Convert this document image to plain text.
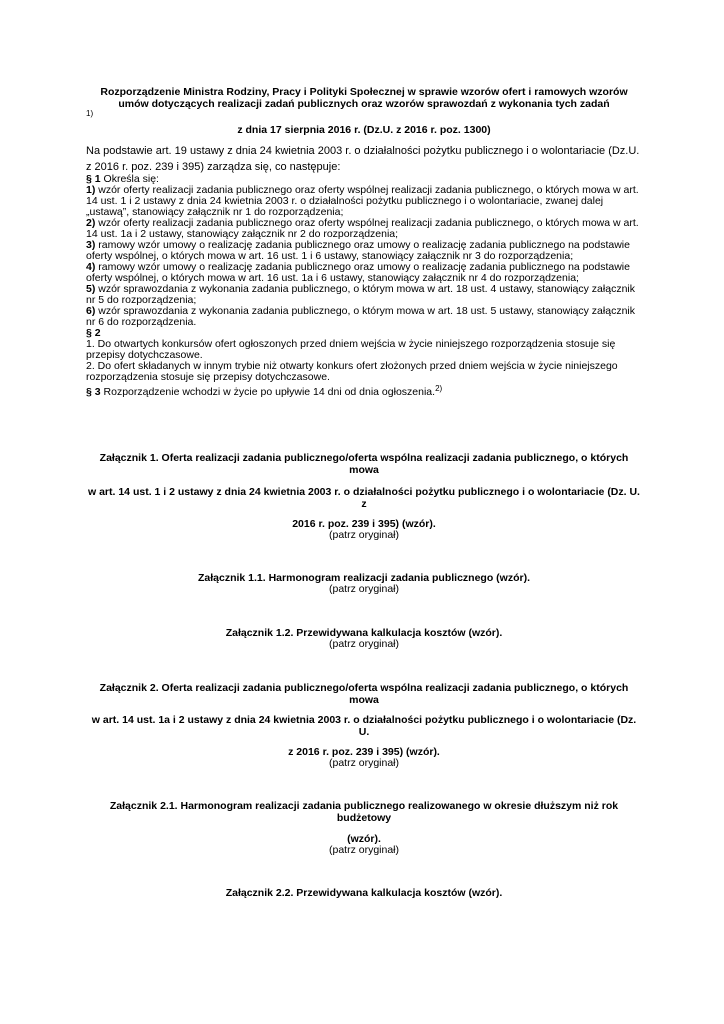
Rozporządzenie Ministra Rodziny, Pracy i Polityki Społecznej w sprawie wzorów ofert i ramowych wzorów umów dotyczących realizacji zadań publicznych oraz wzorów sprawozdań z wykonania tych zadań
1)
z dnia 17 sierpnia 2016 r. (Dz.U. z 2016 r. poz. 1300)
Na podstawie art. 19 ustawy z dnia 24 kwietnia 2003 r. o działalności pożytku publicznego i o wolontariacie (Dz.U. z 2016 r. poz. 239 i 395) zarządza się, co następuje:

§ 1 Określa się:

1) wzór oferty realizacji zadania publicznego oraz oferty wspólnej realizacji zadania publicznego, o których mowa w art. 14 ust. 1 i 2 ustawy z dnia 24 kwietnia 2003 r. o działalności pożytku publicznego i o wolontariacie, zwanej dalej „ustawą”, stanowiący załącznik nr 1 do rozporządzenia;

2) wzór oferty realizacji zadania publicznego oraz oferty wspólnej realizacji zadania publicznego, o których mowa w art. 14 ust. 1a i 2 ustawy, stanowiący załącznik nr 2 do rozporządzenia;

3) ramowy wzór umowy o realizację zadania publicznego oraz umowy o realizację zadania publicznego na podstawie oferty wspólnej, o których mowa w art. 16 ust. 1 i 6 ustawy, stanowiący załącznik nr 3 do rozporządzenia;

4) ramowy wzór umowy o realizację zadania publicznego oraz umowy o realizację zadania publicznego na podstawie oferty wspólnej, o których mowa w art. 16 ust. 1a i 6 ustawy, stanowiący załącznik nr 4 do rozporządzenia;

5) wzór sprawozdania z wykonania zadania publicznego, o którym mowa w art. 18 ust. 4 ustawy, stanowiący załącznik nr 5 do rozporządzenia;

6) wzór sprawozdania z wykonania zadania publicznego, o którym mowa w art. 18 ust. 5 ustawy, stanowiący załącznik nr 6 do rozporządzenia.

§ 2

1. Do otwartych konkursów ofert ogłoszonych przed dniem wejścia w życie niniejszego rozporządzenia stosuje się przepisy dotychczasowe.

2. Do ofert składanych w innym trybie niż otwarty konkurs ofert złożonych przed dniem wejścia w życie niniejszego rozporządzenia stosuje się przepisy dotychczasowe.

§ 3 Rozporządzenie wchodzi w życie po upływie 14 dni od dnia ogłoszenia.$^{2)}$

Załącznik 1. Oferta realizacji zadania publicznego/oferta wspólna realizacji zadania publicznego, o których mowa
w art. 14 ust. 1 i 2 ustawy z dnia 24 kwietnia 2003 r. o działalności pożytku publicznego i o wolontariacie (Dz. U. z
2016 r. poz. 239 i 395) (wzór).
(patrz oryginał)
Załącznik 1.1. Harmonogram realizacji zadania publicznego (wzór).
(patrz oryginał)
Załącznik 1.2. Przewidywana kalkulacja kosztów (wzór).
(patrz oryginał)
Załącznik 2. Oferta realizacji zadania publicznego/oferta wspólna realizacji zadania publicznego, o których mowa
w art. 14 ust. 1a i 2 ustawy z dnia 24 kwietnia 2003 r. o działalności pożytku publicznego i o wolontariacie (Dz. U.
z 2016 r. poz. 239 i 395) (wzór).
(patrz oryginał)
Załącznik 2.1. Harmonogram realizacji zadania publicznego realizowanego w okresie dłuższym niż rok budżetowy
(wzór).
(patrz oryginał)
Załącznik 2.2. Przewidywana kalkulacja kosztów (wzór).
